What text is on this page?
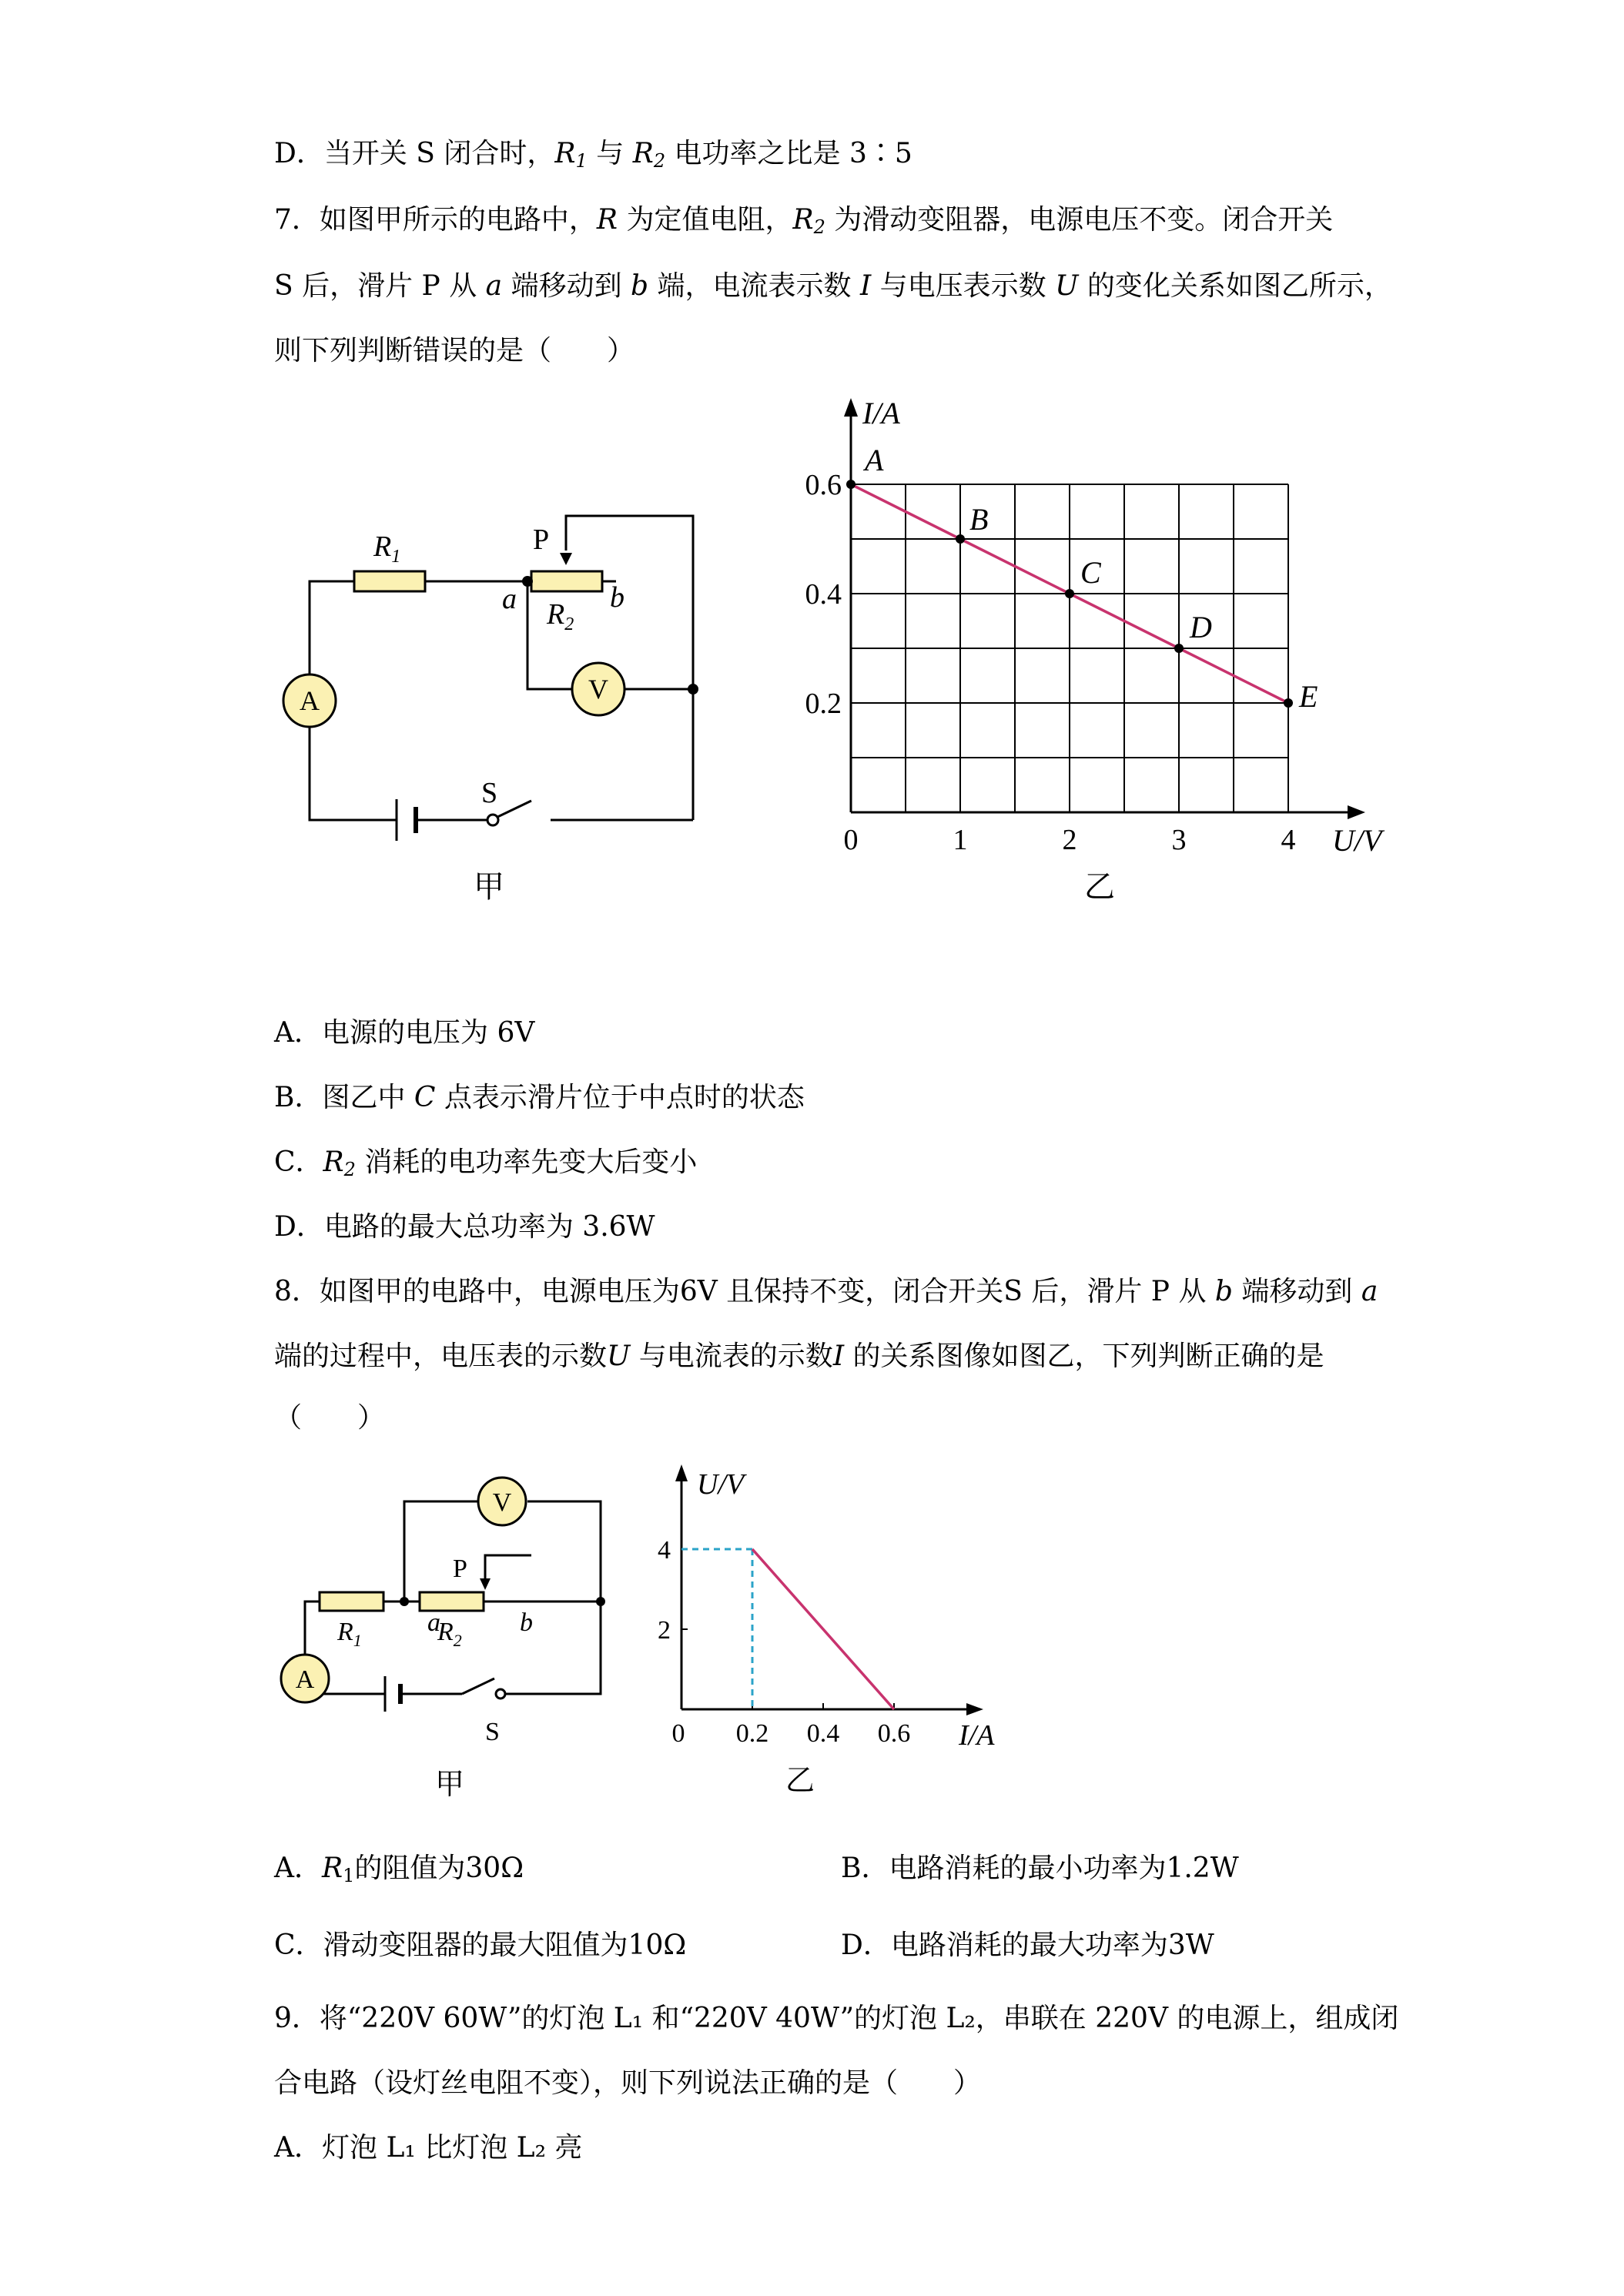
D．当开关 S 闭合时，$R_1$ 与 $R_2$ 电功率之比是 3∶5
7．如图甲所示的电路中，R 为定值电阻，$R_2$ 为滑动变阻器，电源电压不变。闭合开关
S 后，滑片 P 从 a 端移动到 b 端，电流表示数 I 与电压表示数 U 的变化关系如图乙所示，
则下列判断错误的是（　　）
A	V
$R_1$
P
a	b
$R_2$
S
甲
A
B
C
D
E
0	1	2	3	4
0.2
0.4
0.6
I/A
U/V
乙
A．电源的电压为 6V
B．图乙中 C 点表示滑片位于中点时的状态
C．$R_2$ 消耗的电功率先变大后变小
D．电路的最大总功率为 3.6W
8．如图甲的电路中，电源电压为6V 且保持不变，闭合开关S 后，滑片 P 从 b 端移动到 a
端的过程中，电压表的示数U 与电流表的示数I 的关系图像如图乙，下列判断正确的是
（　　）
V
A
P
$R_1$
a
$R_2$
b
S
甲
0.2 0.4 0.6
2
4
0
U/V
I/A
乙
A．$R_1$的阻值为30Ω	B．电路消耗的最小功率为1.2W
C．滑动变阻器的最大阻值为10Ω	D．电路消耗的最大功率为3W
9．将“220V 60W”的灯泡 L₁ 和“220V 40W”的灯泡 L₂，串联在 220V 的电源上，组成闭
合电路（设灯丝电阻不变），则下列说法正确的是（　　）
A．灯泡 L₁ 比灯泡 L₂ 亮
